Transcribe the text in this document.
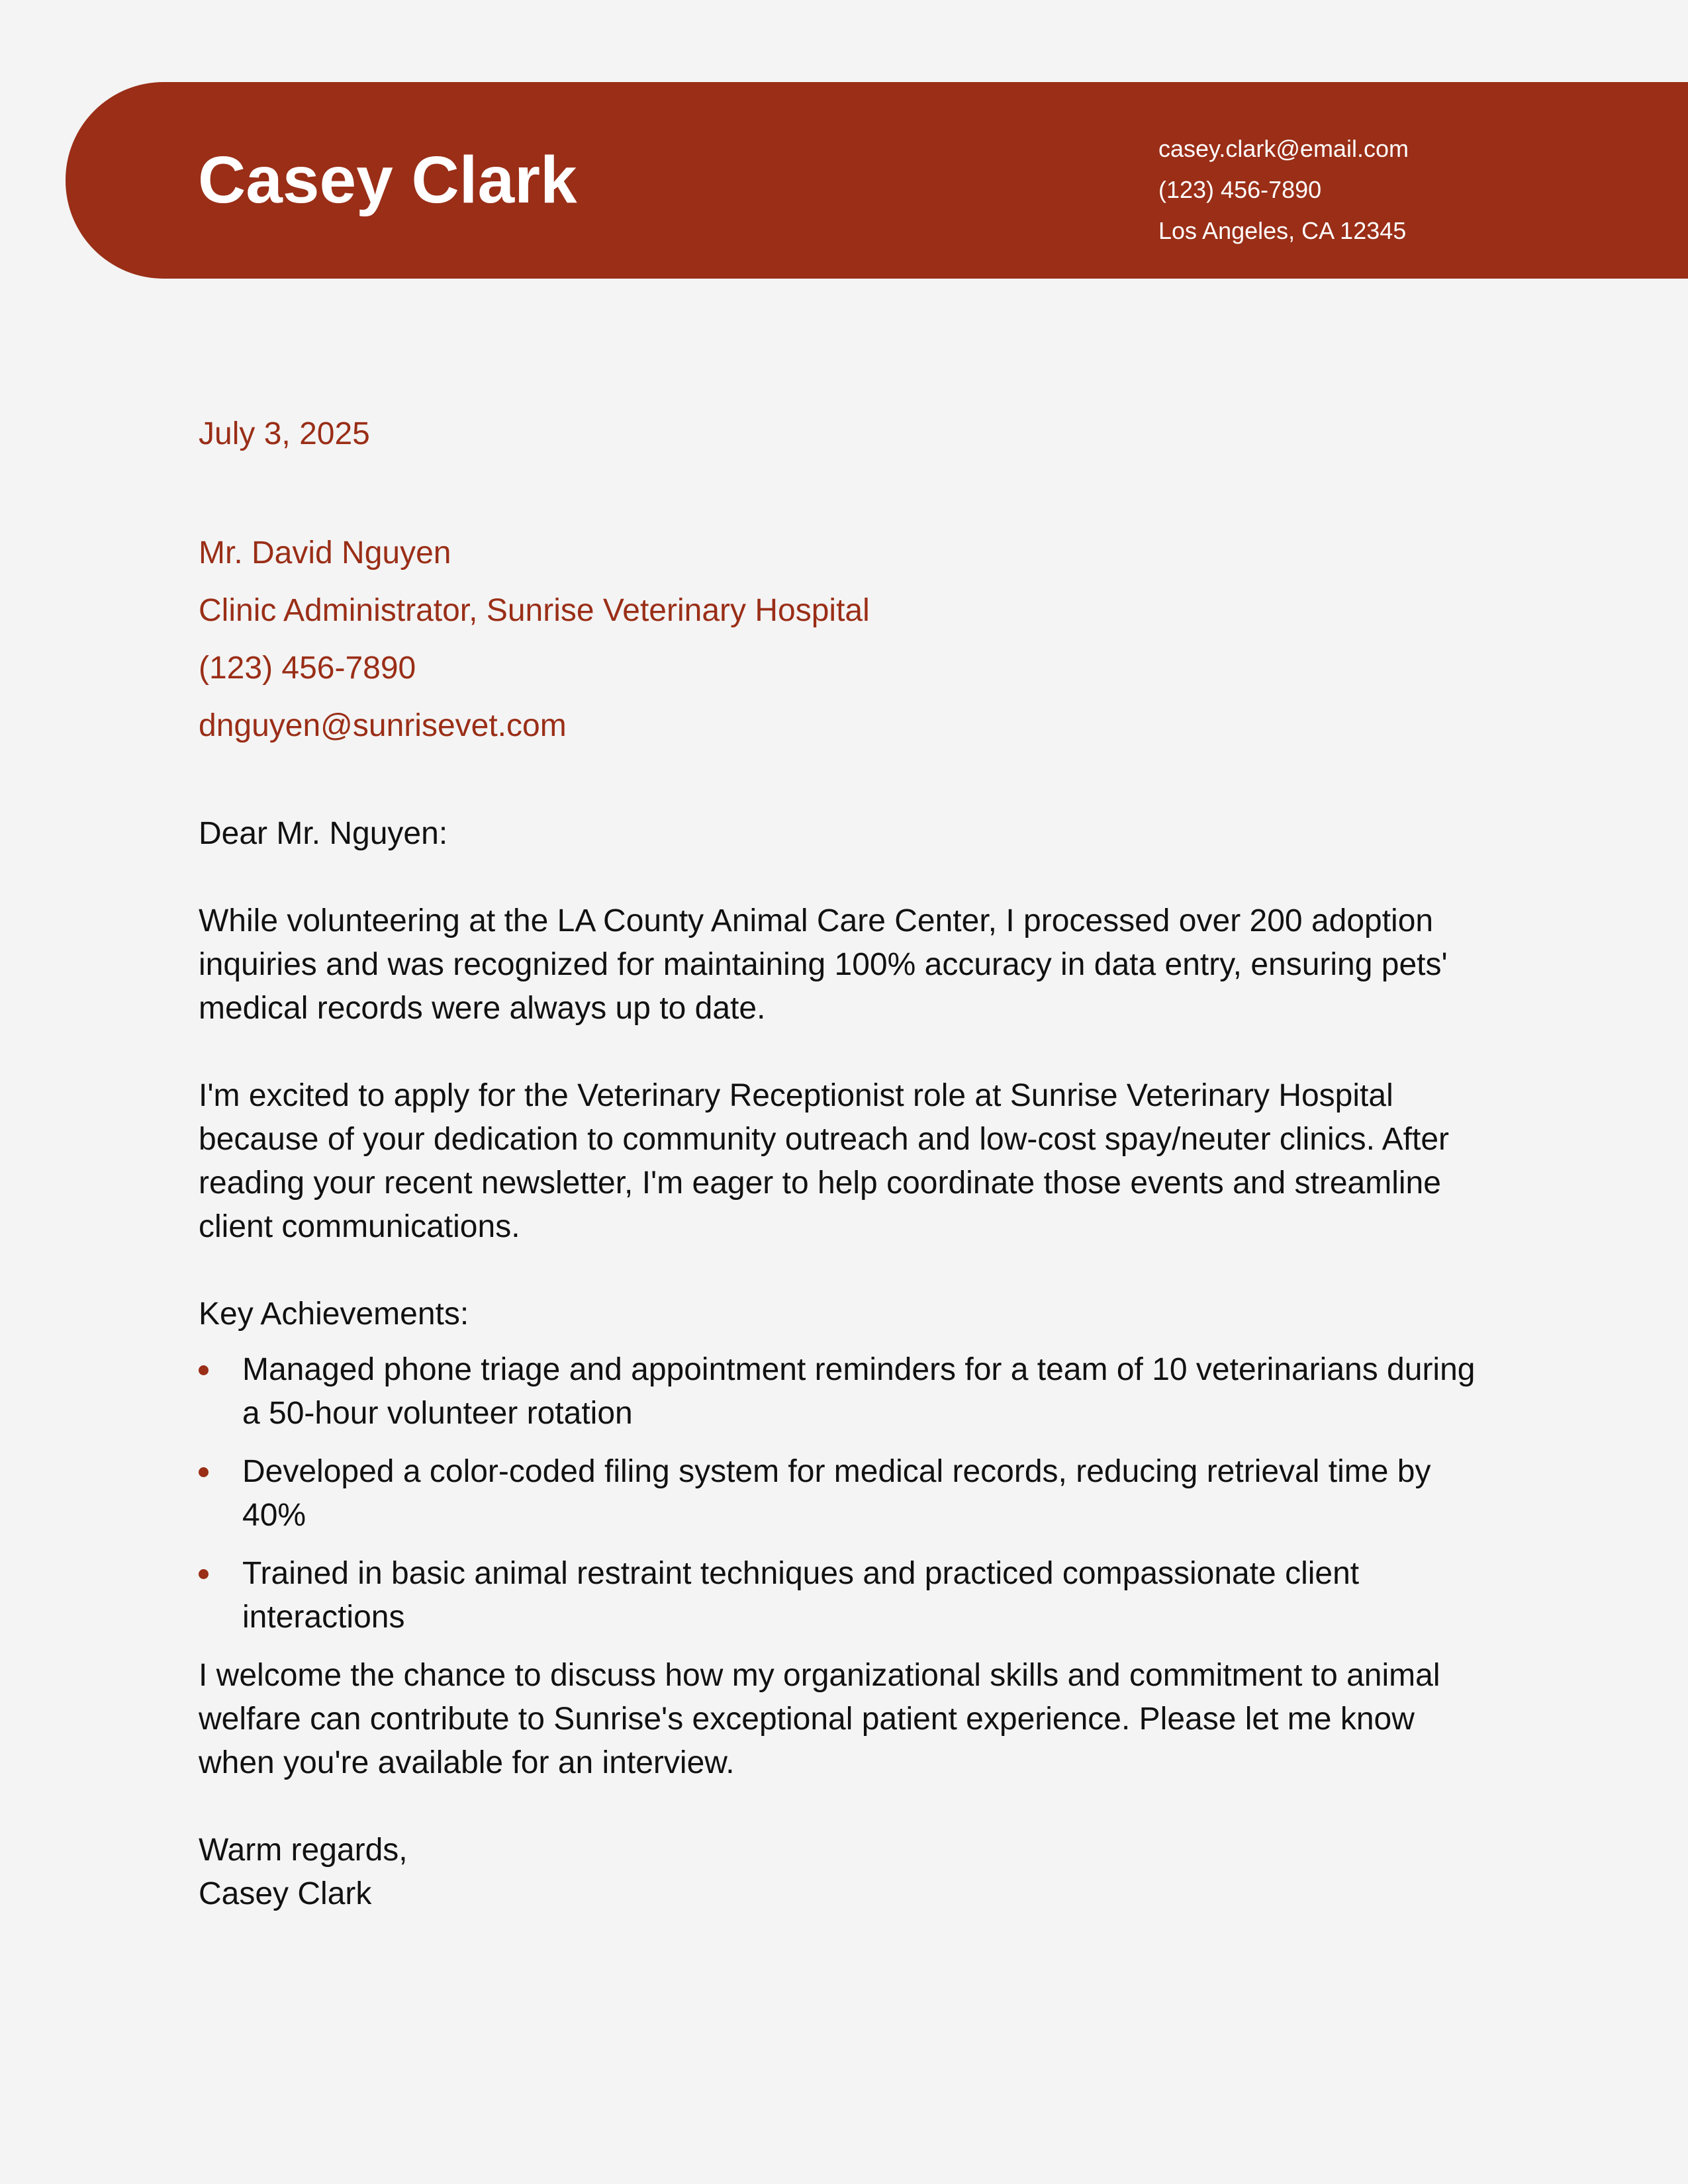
Casey Clark	casey.clark@email.com
(123) 456-7890
Los Angeles, CA 12345
July 3, 2025
Mr. David Nguyen
Clinic Administrator, Sunrise Veterinary Hospital
(123) 456-7890
dnguyen@sunrisevet.com

Dear Mr. Nguyen:

While volunteering at the LA County Animal Care Center, I processed over 200 adoption inquiries and was recognized for maintaining 100% accuracy in data entry, ensuring pets' medical records were always up to date.

I'm excited to apply for the Veterinary Receptionist role at Sunrise Veterinary Hospital because of your dedication to community outreach and low-cost spay/neuter clinics. After reading your recent newsletter, I'm eager to help coordinate those events and streamline client communications.

Key Achievements:

Managed phone triage and appointment reminders for a team of 10 veterinarians during a 50-hour volunteer rotation
Developed a color-coded filing system for medical records, reducing retrieval time by 40%
Trained in basic animal restraint techniques and practiced compassionate client interactions

I welcome the chance to discuss how my organizational skills and commitment to animal welfare can contribute to Sunrise's exceptional patient experience. Please let me know when you're available for an interview.

Warm regards,
Casey Clark
